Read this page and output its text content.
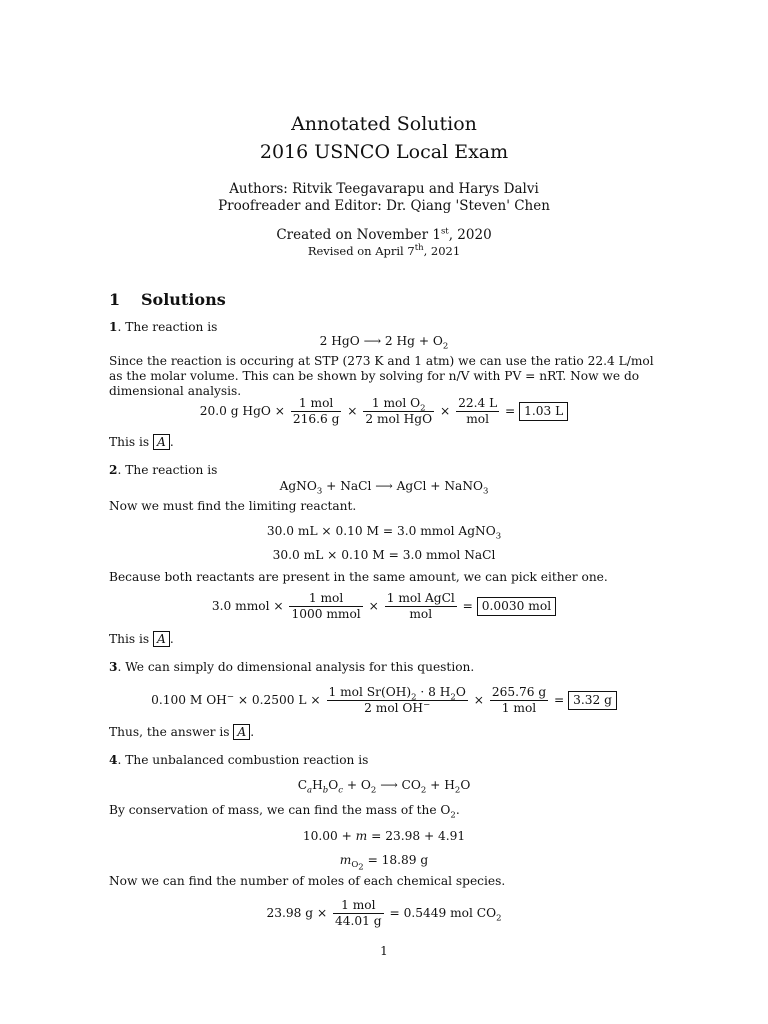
Annotated Solution
2016 USNCO Local Exam
Authors: Ritvik Teegavarapu and Harys Dalvi
Proofreader and Editor: Dr. Qiang 'Steven' Chen
Created on November 1st, 2020
Revised on April 7th, 2021
1 Solutions
1. The reaction is
2 HgO ⟶ 2 $Hg + O_2$
Since the reaction is occuring at STP (273 K and 1 atm) we can use the ratio 22.4 L/mol as the molar volume. This can be shown by solving for n/V with PV = nRT. Now we do dimensional analysis.
20.0 g HgO × $\frac{\text{1 mol}}{216.6 g} \times \frac{1 mol O_2}{\text{2 mol HgO}} \times \frac{22.4 L}{\text{mol}} = 1.03$ L
This is A .
2. The reaction is
AgNO$_3$ + NaCl ⟶ AgCl + NaNO$_3$
Now we must find the limiting reactant.
30.0 mL × 0.10 M = 3.0 mmol AgNO$_3$
30.0 mL × 0.10 M = 3.0 mmol NaCl
Because both reactants are present in the same amount, we can pick either one.
3.0 mmol × $\frac{\text{1 mol}}{\text{1000 mmol}} \times \frac{\text{1 mol AgCl}}{\text{mol}} = 0.0030$ mol
This is A .
3. We can simply do dimensional analysis for this question.
0.100 M OH− × 0.2500 $L \times \frac{1 mol Sr(OH)_2 \cdot 8 H_2O}{2 mol OH^-} \times \frac{265.76 g}{\text{1 mol}} = 3.32$ g
Thus, the answer is A .
4. The unbalanced combustion reaction is
$C_aH_bO_c + O_2$ ⟶ $CO_2 + H_2O$
By conservation of mass, we can find the mass of the $O_2$.
10.00 + m = 23.98 + 4.91
$m_{O_2} = 18.89$ g
Now we can find the number of moles of each chemical species.
23.98 $g \times \frac{\text{1 mol}}{44.01 g} = 0.5449$ mol $CO_2$
1
